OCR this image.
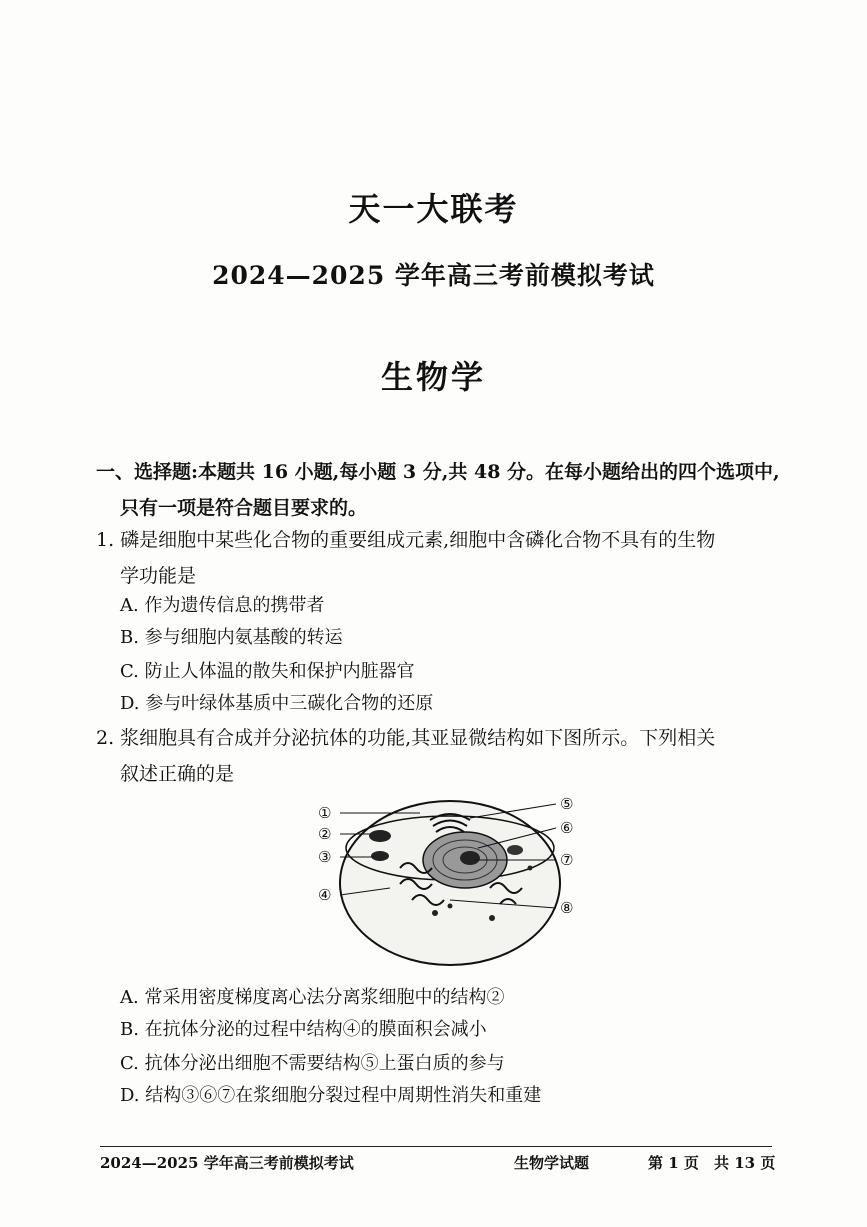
天一大联考
2024—2025 学年高三考前模拟考试
生物学
一、选择题:本题共 16 小题,每小题 3 分,共 48 分。在每小题给出的四个选项中,
只有一项是符合题目要求的。
1. 磷是细胞中某些化合物的重要组成元素,细胞中含磷化合物不具有的生物
学功能是
A. 作为遗传信息的携带者
B. 参与细胞内氨基酸的转运
C. 防止人体温的散失和保护内脏器官
D. 参与叶绿体基质中三碳化合物的还原
2. 浆细胞具有合成并分泌抗体的功能,其亚显微结构如下图所示。下列相关
叙述正确的是
①
②
③
④
⑤
⑥
⑦
⑧
A. 常采用密度梯度离心法分离浆细胞中的结构②
B. 在抗体分泌的过程中结构④的膜面积会减小
C. 抗体分泌出细胞不需要结构⑤上蛋白质的参与
D. 结构③⑥⑦在浆细胞分裂过程中周期性消失和重建
2024—2025 学年高三考前模拟考试	生物学试题	第 1 页 共 13 页
